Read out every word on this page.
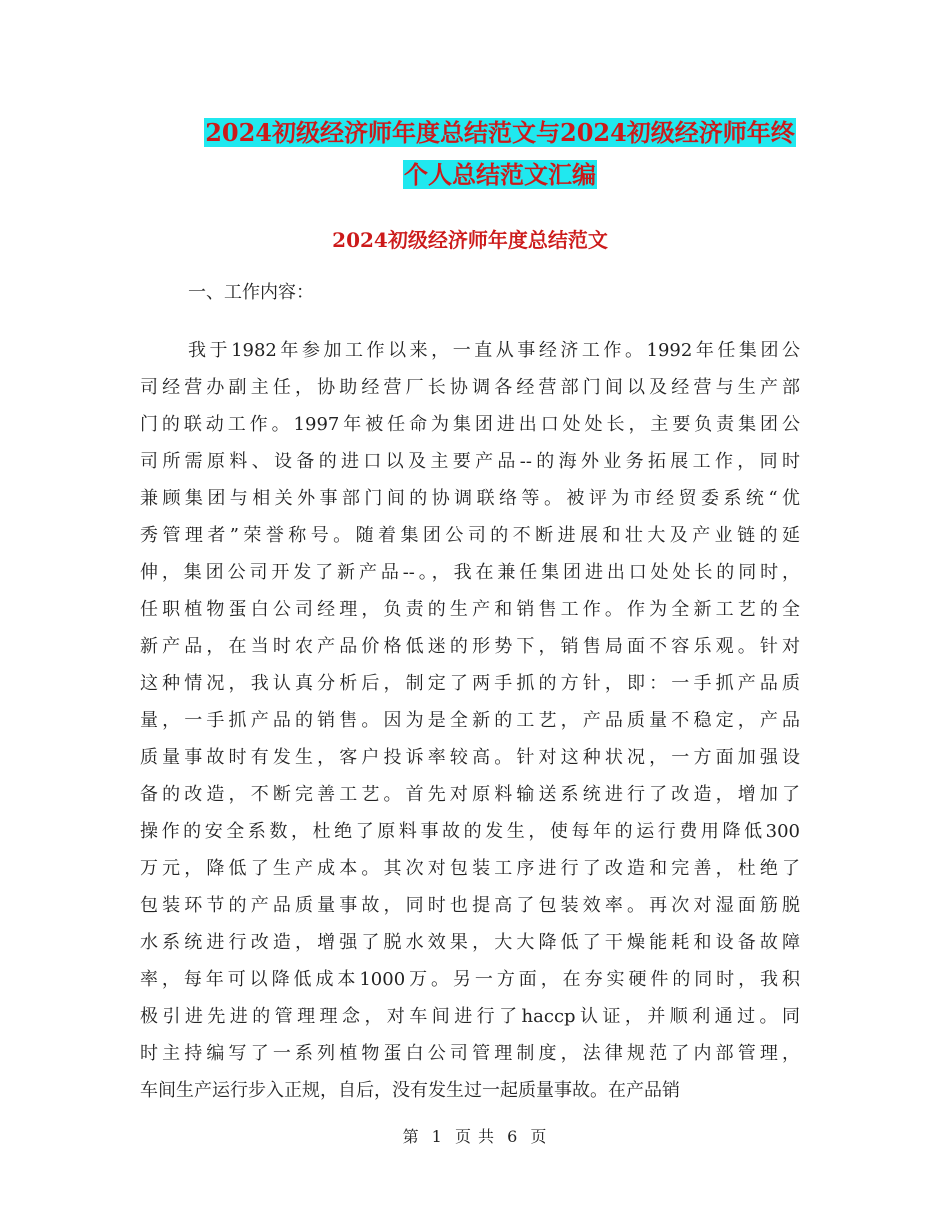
2024初级经济师年度总结范文与2024初级经济师年终
个人总结范文汇编
2024初级经济师年度总结范文
一、工作内容：
我于1982年参加工作以来，一直从事经济工作。1992年任集团公
司经营办副主任，协助经营厂长协调各经营部门间以及经营与生产部
门的联动工作。1997年被任命为集团进出口处处长，主要负责集团公
司所需原料、设备的进口以及主要产品--的海外业务拓展工作，同时
兼顾集团与相关外事部门间的协调联络等。被评为市经贸委系统“优
秀管理者”荣誉称号。随着集团公司的不断进展和壮大及产业链的延
伸，集团公司开发了新产品--。，我在兼任集团进出口处处长的同时，
任职植物蛋白公司经理，负责的生产和销售工作。作为全新工艺的全
新产品，在当时农产品价格低迷的形势下，销售局面不容乐观。针对
这种情况，我认真分析后，制定了两手抓的方针，即：一手抓产品质
量，一手抓产品的销售。因为是全新的工艺，产品质量不稳定，产品
质量事故时有发生，客户投诉率较高。针对这种状况，一方面加强设
备的改造，不断完善工艺。首先对原料输送系统进行了改造，增加了
操作的安全系数，杜绝了原料事故的发生，使每年的运行费用降低300
万元，降低了生产成本。其次对包装工序进行了改造和完善，杜绝了
包装环节的产品质量事故，同时也提高了包装效率。再次对湿面筋脱
水系统进行改造，增强了脱水效果，大大降低了干燥能耗和设备故障
率，每年可以降低成本1000万。另一方面，在夯实硬件的同时，我积
极引进先进的管理理念，对车间进行了haccp认证，并顺利通过。同
时主持编写了一系列植物蛋白公司管理制度，法律规范了内部管理，
车间生产运行步入正规，自后，没有发生过一起质量事故。在产品销
第 1 页 共 6 页
